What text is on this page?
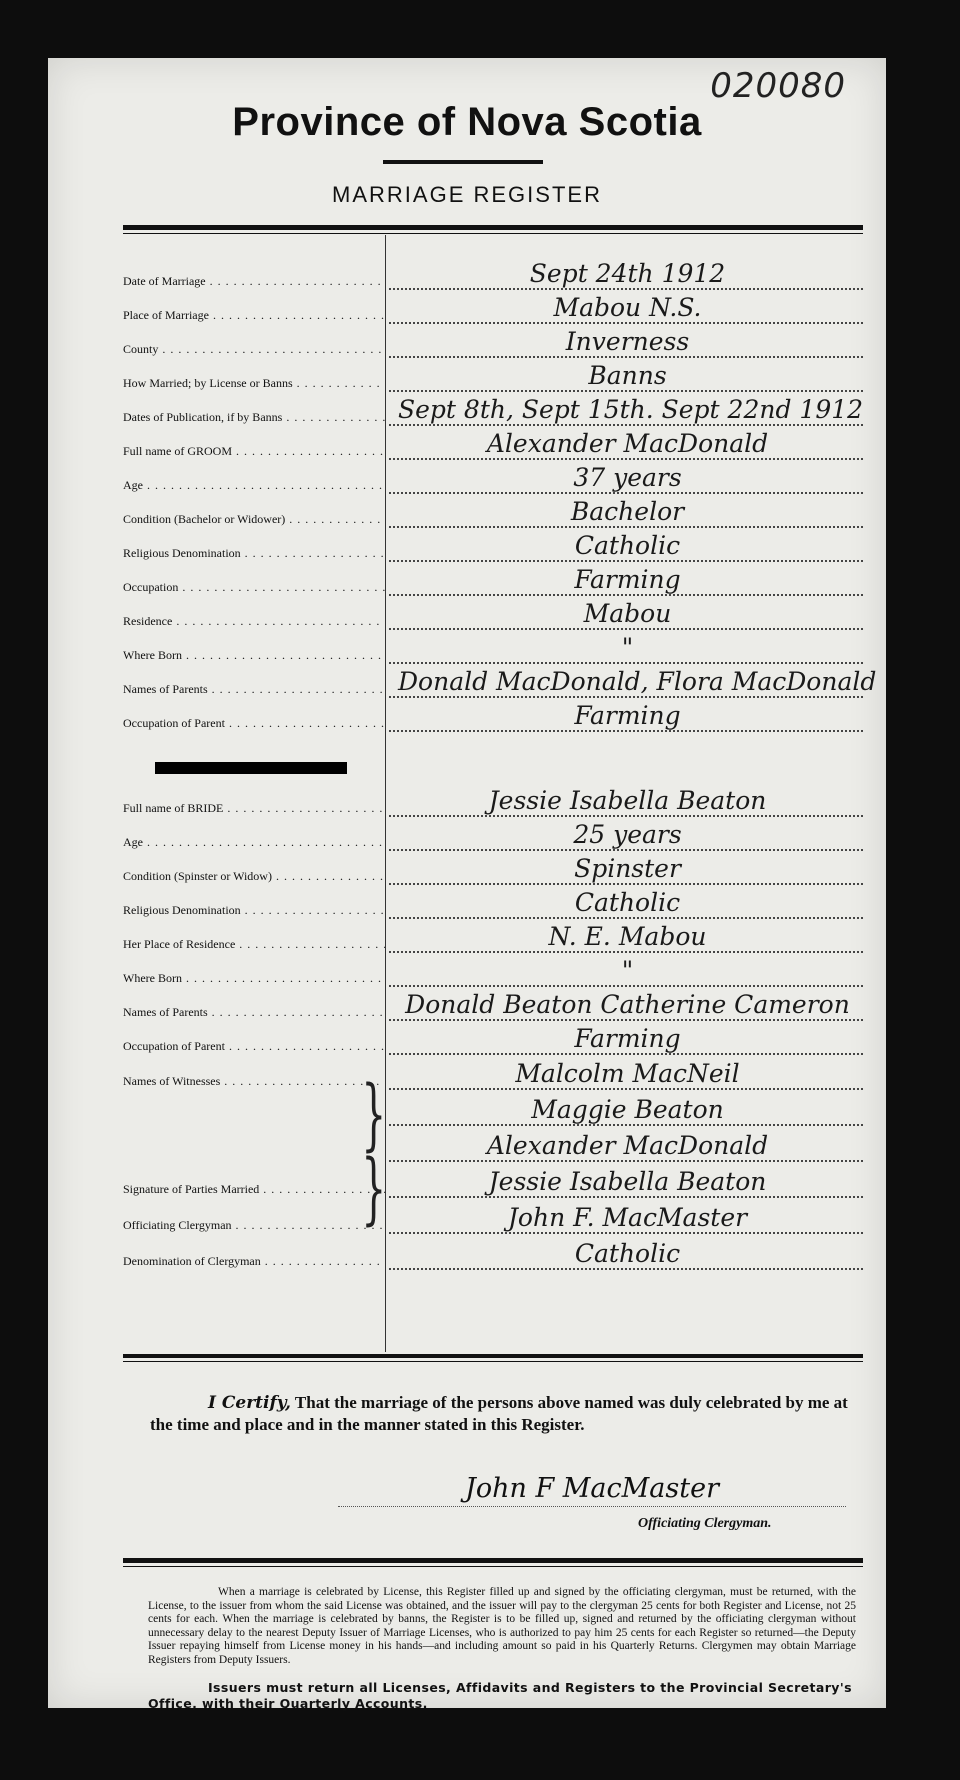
020080
Province of Nova Scotia
MARRIAGE REGISTER
Date of Marriage . . .	Sept 24th 1912
Place of Marriage . . .	Mabou N.S.
County . . .	Inverness
How Married; by License or Banns . . .	Banns
Dates of Publication, if by Banns . . .	Sept 8th, Sept 15th. Sept 22nd 1912
Full name of GROOM . . .	Alexander MacDonald
Age . . .	37 years
Condition (Bachelor or Widower) . . .	Bachelor
Religious Denomination . . .	Catholic
Occupation . . .	Farming
Residence . . .	Mabou
Where Born . . .	"
Names of Parents . . .	Donald MacDonald, Flora MacDonald
Occupation of Parent . . .	Farming
Full name of BRIDE . . .	Jessie Isabella Beaton
Age . . .	25 years
Condition (Spinster or Widow) . . .	Spinster
Religious Denomination . . .	Catholic
Her Place of Residence . . .	N. E. Mabou
Where Born . . .	"
Names of Parents . . .	Donald Beaton Catherine Cameron
Occupation of Parent . . .	Farming
Names of Witnesses . . .	Malcolm MacNeil
Maggie Beaton
Alexander MacDonald
Signature of Parties Married . . .	Jessie Isabella Beaton
Officiating Clergyman . . .	John F. MacMaster
Denomination of Clergyman . . .	Catholic
}
}
I Certify, That the marriage of the persons above named was duly celebrated by me at the time and place and in the manner stated in this Register.
John F MacMaster
Officiating Clergyman.
When a marriage is celebrated by License, this Register filled up and signed by the officiating clergyman, must be returned, with the License, to the issuer from whom the said License was obtained, and the issuer will pay to the clergyman 25 cents for both Register and License, not 25 cents for each. When the marriage is celebrated by banns, the Register is to be filled up, signed and returned by the officiating clergyman without unnecessary delay to the nearest Deputy Issuer of Marriage Licenses, who is authorized to pay him 25 cents for each Register so returned—the Deputy Issuer repaying himself from License money in his hands—and including amount so paid in his Quarterly Returns. Clergymen may obtain Marriage Registers from Deputy Issuers.
Issuers must return all Licenses, Affidavits and Registers to the Provincial Secretary's Office, with their Quarterly Accounts.
